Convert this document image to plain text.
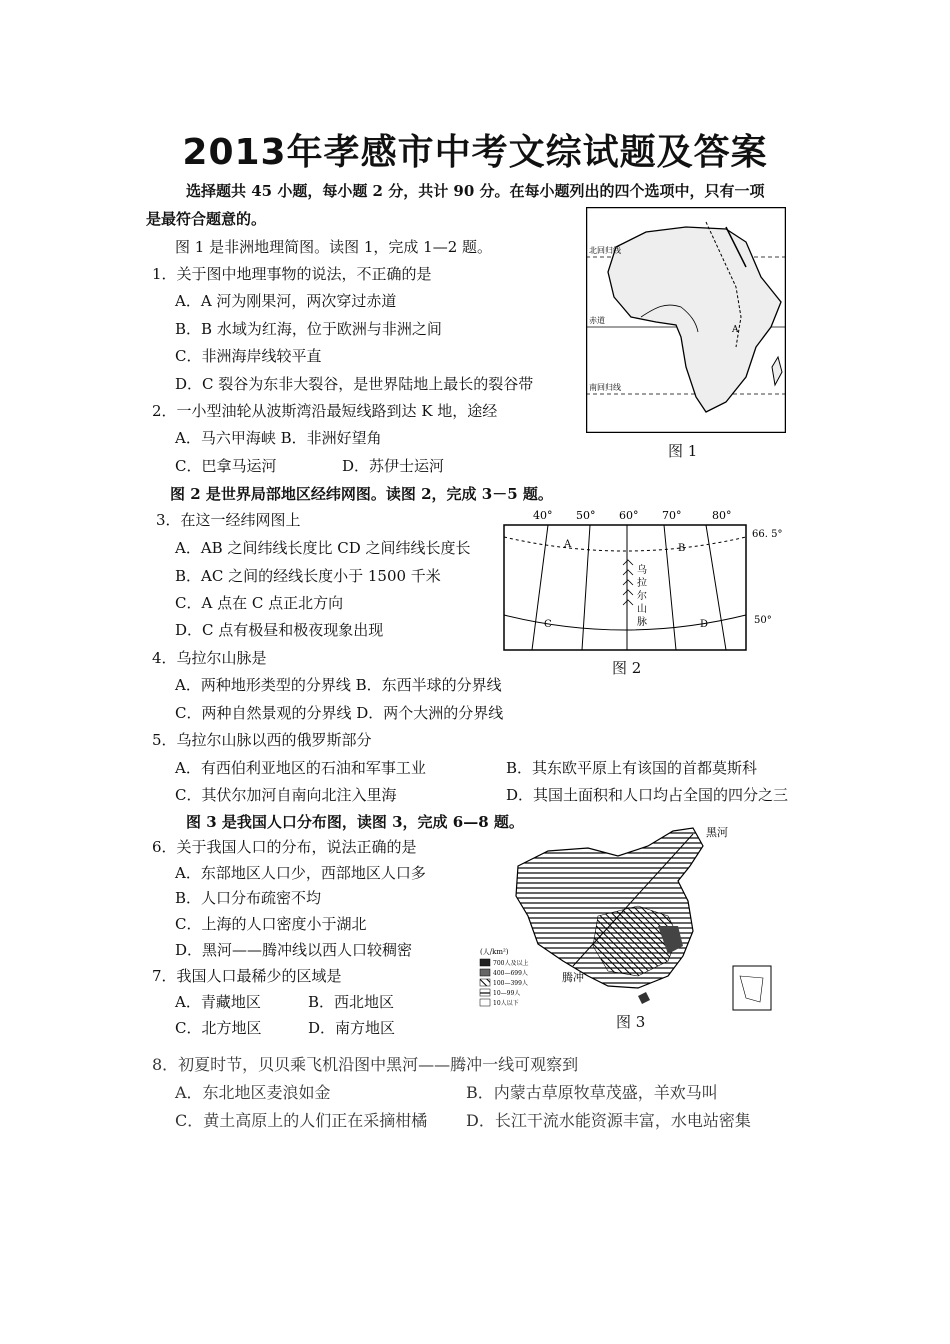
2013年孝感市中考文综试题及答案
选择题共 45 小题，每小题 2 分，共计 90 分。在每小题列出的四个选项中，只有一项
是最符合题意的。
图 1 是非洲地理简图。读图 1，完成 1—2 题。
1．关于图中地理事物的说法，不正确的是
A．A 河为刚果河，两次穿过赤道
B．B 水域为红海，位于欧洲与非洲之间
C．非洲海岸线较平直
D．C 裂谷为东非大裂谷，是世界陆地上最长的裂谷带
2．一小型油轮从波斯湾沿最短线路到达 K 地，途经
A．马六甲海峡 B．非洲好望角
C．巴拿马运河	D．苏伊士运河
图 2 是世界局部地区经纬网图。读图 2，完成 3－5 题。
3．在这一经纬网图上
A．AB 之间纬线长度比 CD 之间纬线长度长
B．AC 之间的经线长度小于 1500 千米
C．A 点在 C 点正北方向
D．C 点有极昼和极夜现象出现
4．乌拉尔山脉是
A．两种地形类型的分界线 B．东西半球的分界线
C．两种自然景观的分界线 D．两个大洲的分界线
5．乌拉尔山脉以西的俄罗斯部分
A．有西伯利亚地区的石油和军事工业	B．其东欧平原上有该国的首都莫斯科
C．其伏尔加河自南向北注入里海	D．其国土面积和人口均占全国的四分之三
图 3 是我国人口分布图，读图 3，完成 6—8 题。
6．关于我国人口的分布，说法正确的是
A．东部地区人口少，西部地区人口多
B．人口分布疏密不均
C．上海的人口密度小于湖北
D．黑河——腾冲线以西人口较稠密
7．我国人口最稀少的区域是
A．青藏地区	B．西北地区
C．北方地区	D．南方地区
8．初夏时节，贝贝乘飞机沿图中黑河——腾冲一线可观察到
A．东北地区麦浪如金	B．内蒙古草原牧草茂盛，羊欢马叫
C．黄土高原上的人们正在采摘柑橘 D．长江干流水能资源丰富，水电站密集
北回归线
赤道
南回归线
A
图 1
40° 50° 60° 70°	80°
A	B
C	D
乌
拉
尔
山
脉
66. 5°
50°
图 2
黑河
腾冲
(人/km²)
700人及以上
400—699人
100—399人
10—99人
10人以下
图 3
